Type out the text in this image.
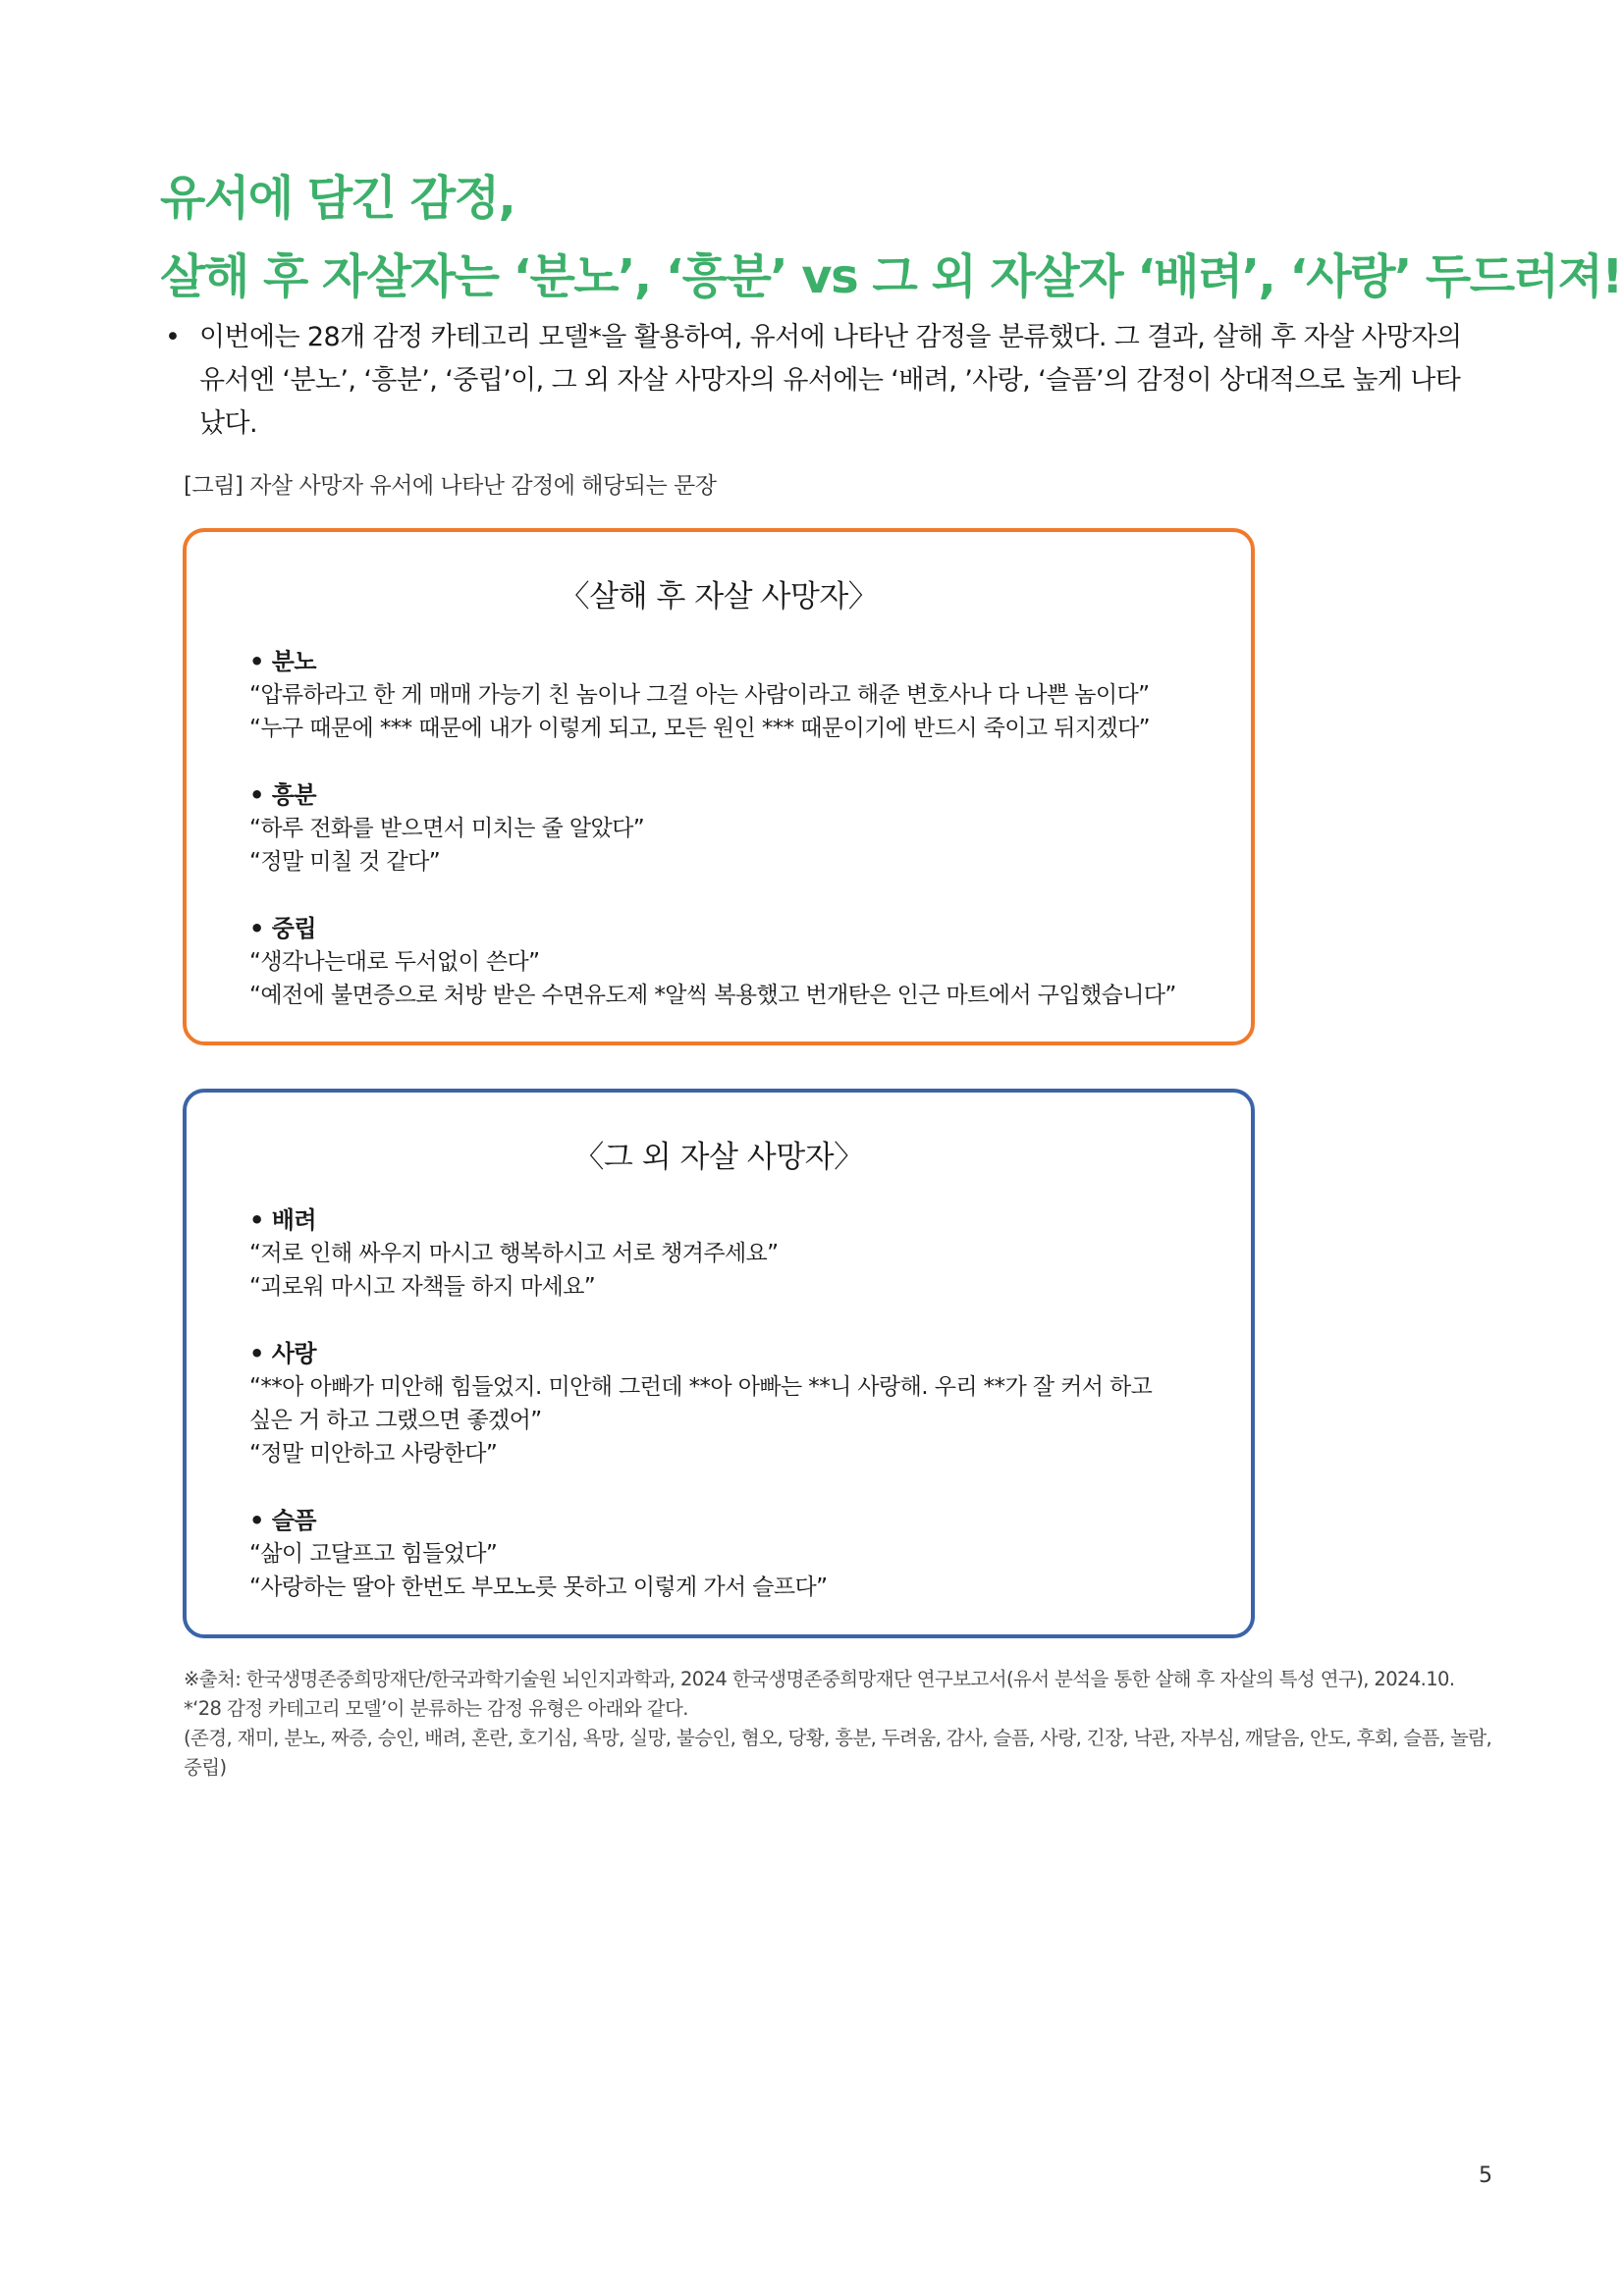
유서에 담긴 감정,
살해 후 자살자는 ‘분노’, ‘흥분’ vs 그 외 자살자 ‘배려’, ‘사랑’ 두드러져!
• 이번에는 28개 감정 카테고리 모델*을 활용하여, 유서에 나타난 감정을 분류했다. 그 결과, 살해 후 자살 사망자의 유서엔 ‘분노’, ‘흥분’, ‘중립’이, 그 외 자살 사망자의 유서에는 ‘배려, ’사랑, ‘슬픔’의 감정이 상대적으로 높게 나타났다.
[그림] 자살 사망자 유서에 나타난 감정에 해당되는 문장
〈살해 후 자살 사망자〉
• 분노
“압류하라고 한 게 매매 가능기 친 놈이나 그걸 아는 사람이라고 해준 변호사나 다 나쁜 놈이다”
“누구 때문에 *** 때문에 내가 이렇게 되고, 모든 원인 *** 때문이기에 반드시 죽이고 뒤지겠다”
• 흥분
“하루 전화를 받으면서 미치는 줄 알았다”
“정말 미칠 것 같다”
• 중립
“생각나는대로 두서없이 쓴다”
“예전에 불면증으로 처방 받은 수면유도제 *알씩 복용했고 번개탄은 인근 마트에서 구입했습니다”
〈그 외 자살 사망자〉
• 배려
“저로 인해 싸우지 마시고 행복하시고 서로 챙겨주세요”
“괴로워 마시고 자책들 하지 마세요”
• 사랑
“**아 아빠가 미안해 힘들었지. 미안해 그런데 **아 아빠는 **니 사랑해. 우리 **가 잘 커서 하고
싶은 거 하고 그랬으면 좋겠어”
“정말 미안하고 사랑한다”
• 슬픔
“삶이 고달프고 힘들었다”
“사랑하는 딸아 한번도 부모노릇 못하고 이렇게 가서 슬프다”
※출처: 한국생명존중희망재단/한국과학기술원 뇌인지과학과, 2024 한국생명존중희망재단 연구보고서(유서 분석을 통한 살해 후 자살의 특성 연구), 2024.10.
*‘28 감정 카테고리 모델’이 분류하는 감정 유형은 아래와 같다.
(존경, 재미, 분노, 짜증, 승인, 배려, 혼란, 호기심, 욕망, 실망, 불승인, 혐오, 당황, 흥분, 두려움, 감사, 슬픔, 사랑, 긴장, 낙관, 자부심, 깨달음, 안도, 후회, 슬픔, 놀람, 중립)
5
